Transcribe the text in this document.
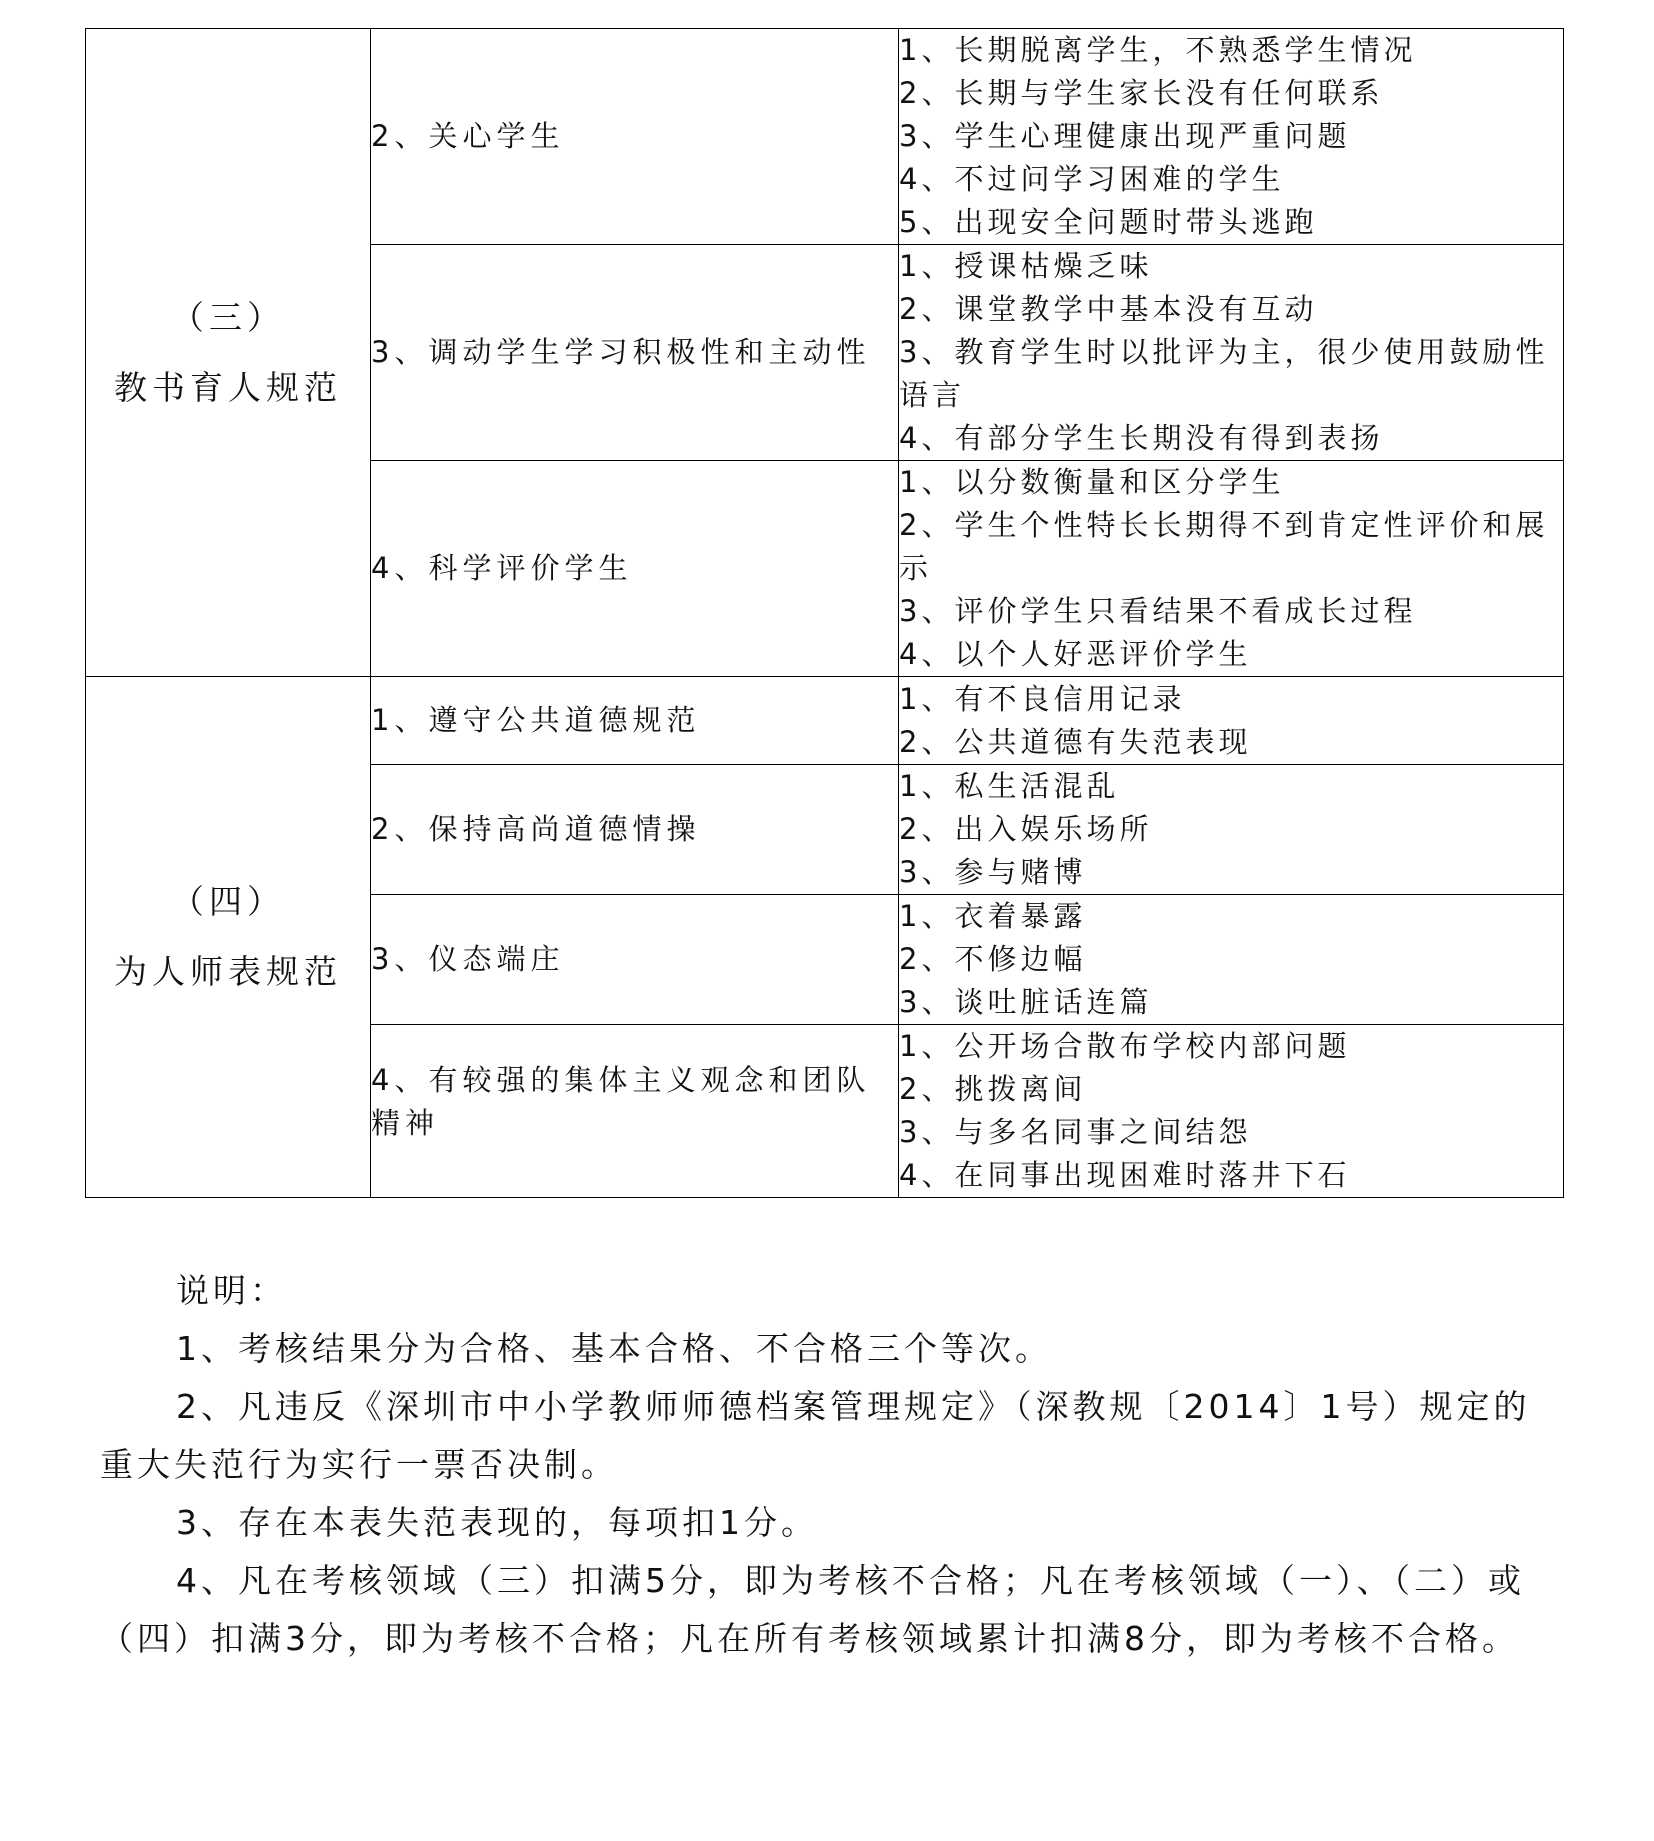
（三）
教书育人规范	2、关心学生	1、长期脱离学生，不熟悉学生情况
2、长期与学生家长没有任何联系
3、学生心理健康出现严重问题
4、不过问学习困难的学生
5、出现安全问题时带头逃跑

	3、调动学生学习积极性和主动性	1、授课枯燥乏味
2、课堂教学中基本没有互动
3、教育学生时以批评为主，很少使用鼓励性语言
4、有部分学生长期没有得到表扬

	4、科学评价学生	1、以分数衡量和区分学生
2、学生个性特长长期得不到肯定性评价和展示
3、评价学生只看结果不看成长过程
4、以个人好恶评价学生

（四）
为人师表规范	1、遵守公共道德规范	1、有不良信用记录
2、公共道德有失范表现

	2、保持高尚道德情操	1、私生活混乱
2、出入娱乐场所
3、参与赌博

	3、仪态端庄	1、衣着暴露
2、不修边幅
3、谈吐脏话连篇

	4、有较强的集体主义观念和团队精神	1、公开场合散布学校内部问题
2、挑拨离间
3、与多名同事之间结怨
4、在同事出现困难时落井下石
说明：
1、考核结果分为合格、基本合格、不合格三个等次。
2、凡违反《深圳市中小学教师师德档案管理规定》（深教规〔2014〕1号）规定的重大失范行为实行一票否决制。
3、存在本表失范表现的，每项扣1分。
4、凡在考核领域（三）扣满5分，即为考核不合格；凡在考核领域（一）、（二）或（四）扣满3分，即为考核不合格；凡在所有考核领域累计扣满8分，即为考核不合格。
